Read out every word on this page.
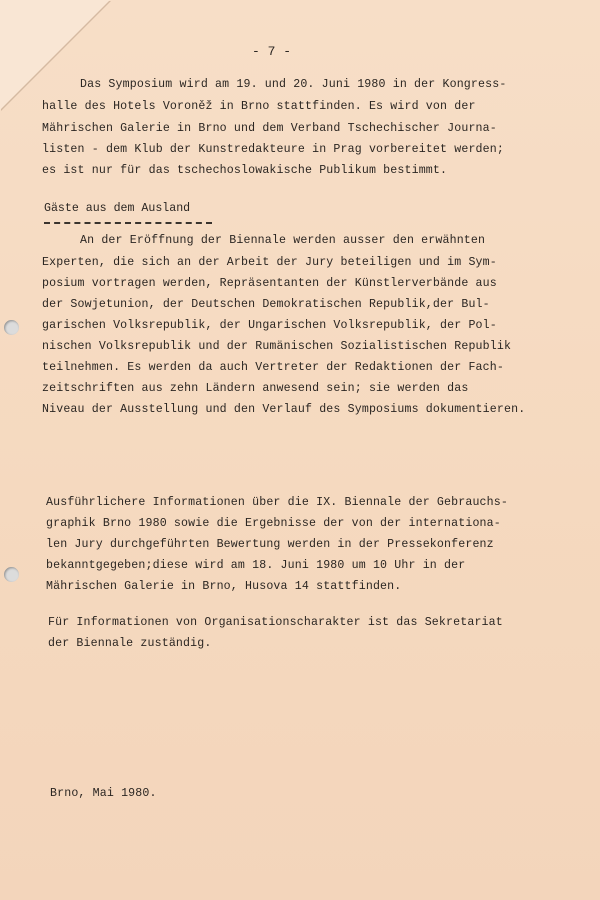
- 7 -
Das Symposium wird am 19. und 20. Juni 1980 in der Kongress-
halle des Hotels Voroněž in Brno stattfinden. Es wird von der
Mährischen Galerie in Brno und dem Verband Tschechischer Journa-
listen - dem Klub der Kunstredakteure in Prag vorbereitet werden;
es ist nur für das tschechoslowakische Publikum bestimmt.
Gäste aus dem Ausland
An der Eröffnung der Biennale werden ausser den erwähnten
Experten, die sich an der Arbeit der Jury beteiligen und im Sym-
posium vortragen werden, Repräsentanten der Künstlerverbände aus
der Sowjetunion, der Deutschen Demokratischen Republik,der Bul-
garischen Volksrepublik, der Ungarischen Volksrepublik, der Pol-
nischen Volksrepublik und der Rumänischen Sozialistischen Republik
teilnehmen. Es werden da auch Vertreter der Redaktionen der Fach-
zeitschriften aus zehn Ländern anwesend sein; sie werden das
Niveau der Ausstellung und den Verlauf des Symposiums dokumentieren.
Ausführlichere Informationen über die IX. Biennale der Gebrauchs-
graphik Brno 1980 sowie die Ergebnisse der von der internationa-
len Jury durchgeführten Bewertung werden in der Pressekonferenz
bekanntgegeben;diese wird am 18. Juni 1980 um 10 Uhr in der
Mährischen Galerie in Brno, Husova 14 stattfinden.
Für Informationen von Organisationscharakter ist das Sekretariat
der Biennale zuständig.
Brno, Mai 1980.
